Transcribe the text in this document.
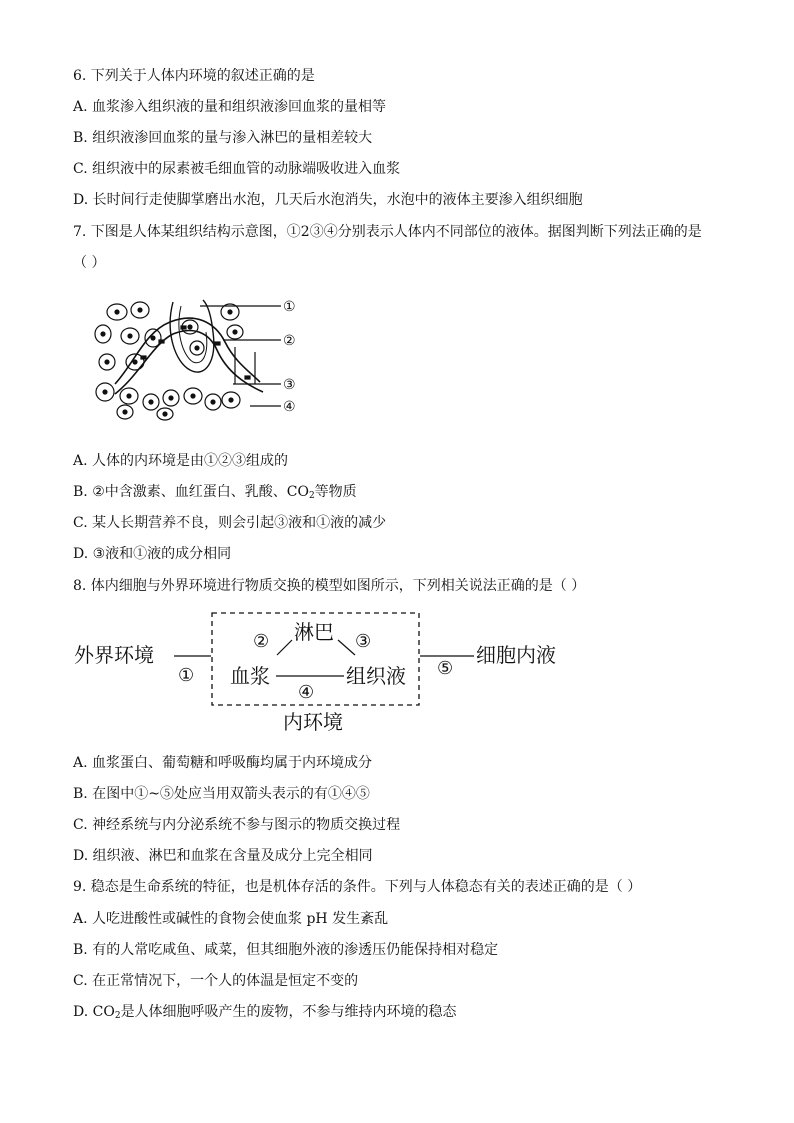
6. 下列关于人体内环境的叙述正确的是
A. 血浆渗入组织液的量和组织液渗回血浆的量相等
B. 组织液渗回血浆的量与渗入淋巴的量相差较大
C. 组织液中的尿素被毛细血管的动脉端吸收进入血浆
D. 长时间行走使脚掌磨出水泡，几天后水泡消失，水泡中的液体主要渗入组织细胞
7. 下图是人体某组织结构示意图，①2③④分别表示人体内不同部位的液体。据图判断下列法正确的是
（ ）
①
②
③
④
A. 人体的内环境是由①②③组成的
B. ②中含激素、血红蛋白、乳酸、$CO_2$等物质
C. 某人长期营养不良，则会引起③液和①液的减少
D. ③液和①液的成分相同
8. 体内细胞与外界环境进行物质交换的模型如图所示，下列相关说法正确的是（ ）
外界环境
①
淋巴
②	③
血浆	组织液
④
⑤
细胞内液
内环境
A. 血浆蛋白、葡萄糖和呼吸酶均属于内环境成分
B. 在图中①~⑤处应当用双箭头表示的有①④⑤
C. 神经系统与内分泌系统不参与图示的物质交换过程
D. 组织液、淋巴和血浆在含量及成分上完全相同
9. 稳态是生命系统的特征，也是机体存活的条件。下列与人体稳态有关的表述正确的是（ ）
A. 人吃进酸性或碱性的食物会使血浆 pH 发生紊乱
B. 有的人常吃咸鱼、咸菜，但其细胞外液的渗透压仍能保持相对稳定
C. 在正常情况下，一个人的体温是恒定不变的
D. $CO_2$是人体细胞呼吸产生的废物，不参与维持内环境的稳态
